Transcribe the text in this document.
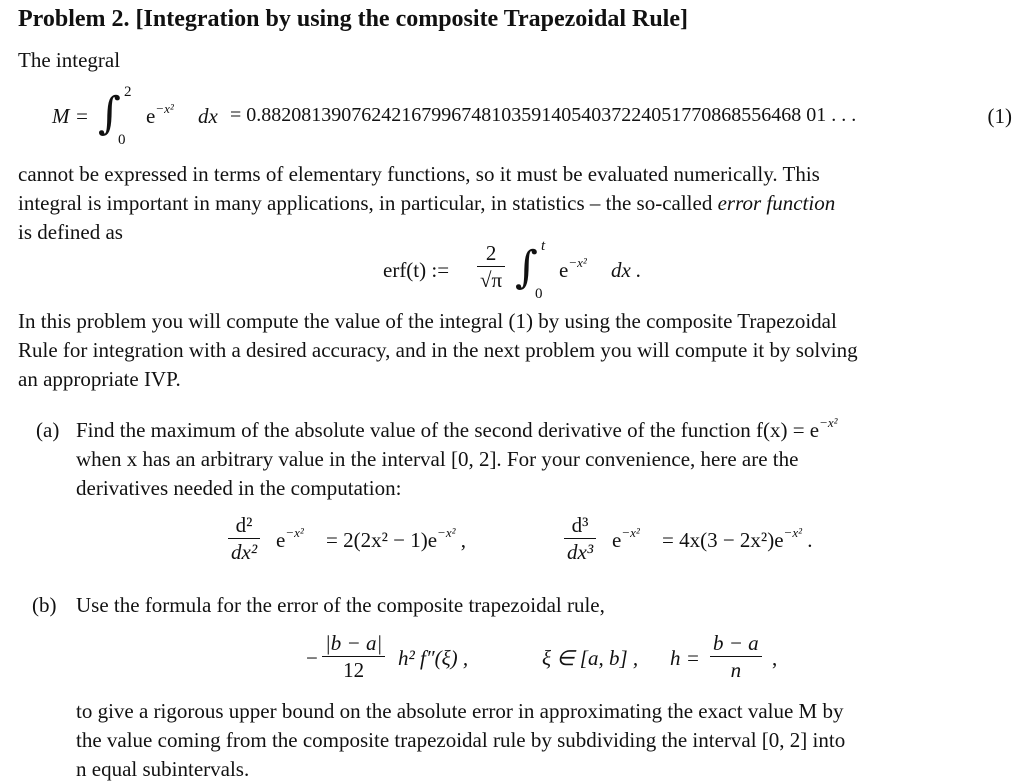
Problem 2. [Integration by using the composite Trapezoidal Rule]
The integral
M = ∫ 2
0
$e^{-x^2}$ dx = 0.882081390762421679967481035914054037224051770868556468 01 . . .	(1)
cannot be expressed in terms of elementary functions, so it must be evaluated numerically. This
integral is important in many applications, in particular, in statistics – the so-called error function
is defined as
erf(t) := $\frac{2}{√\pi}$ ∫ t
0
$e^{-x^2}$ dx .
In this problem you will compute the value of the integral (1) by using the composite Trapezoidal
Rule for integration with a desired accuracy, and in the next problem you will compute it by solving
an appropriate IVP.
(a) Find the maximum of the absolute value of the second derivative of the function $f(x) = e^{-x^2}$
when x has an arbitrary value in the interval [0, 2]. For your convenience, here are the
derivatives needed in the computation:
$\frac{\text{d²}}{\text{dx²}} e^{-x^2} = 2(2x^2 - 1)e^{-x^2}$ ,	$\frac{\text{d³}}{\text{dx³}} e^{-x^2} = 4x(3 - 2x^2)e^{-x^2}$ .
(b) Use the formula for the error of the composite trapezoidal rule,
− $\frac{|b - a|}{12} h^2$ f″(ξ) ,	ξ ∈ [a, b] , $h = \frac{b - a}{n}$ ,
to give a rigorous upper bound on the absolute error in approximating the exact value M by
the value coming from the composite trapezoidal rule by subdividing the interval [0, 2] into
n equal subintervals.
